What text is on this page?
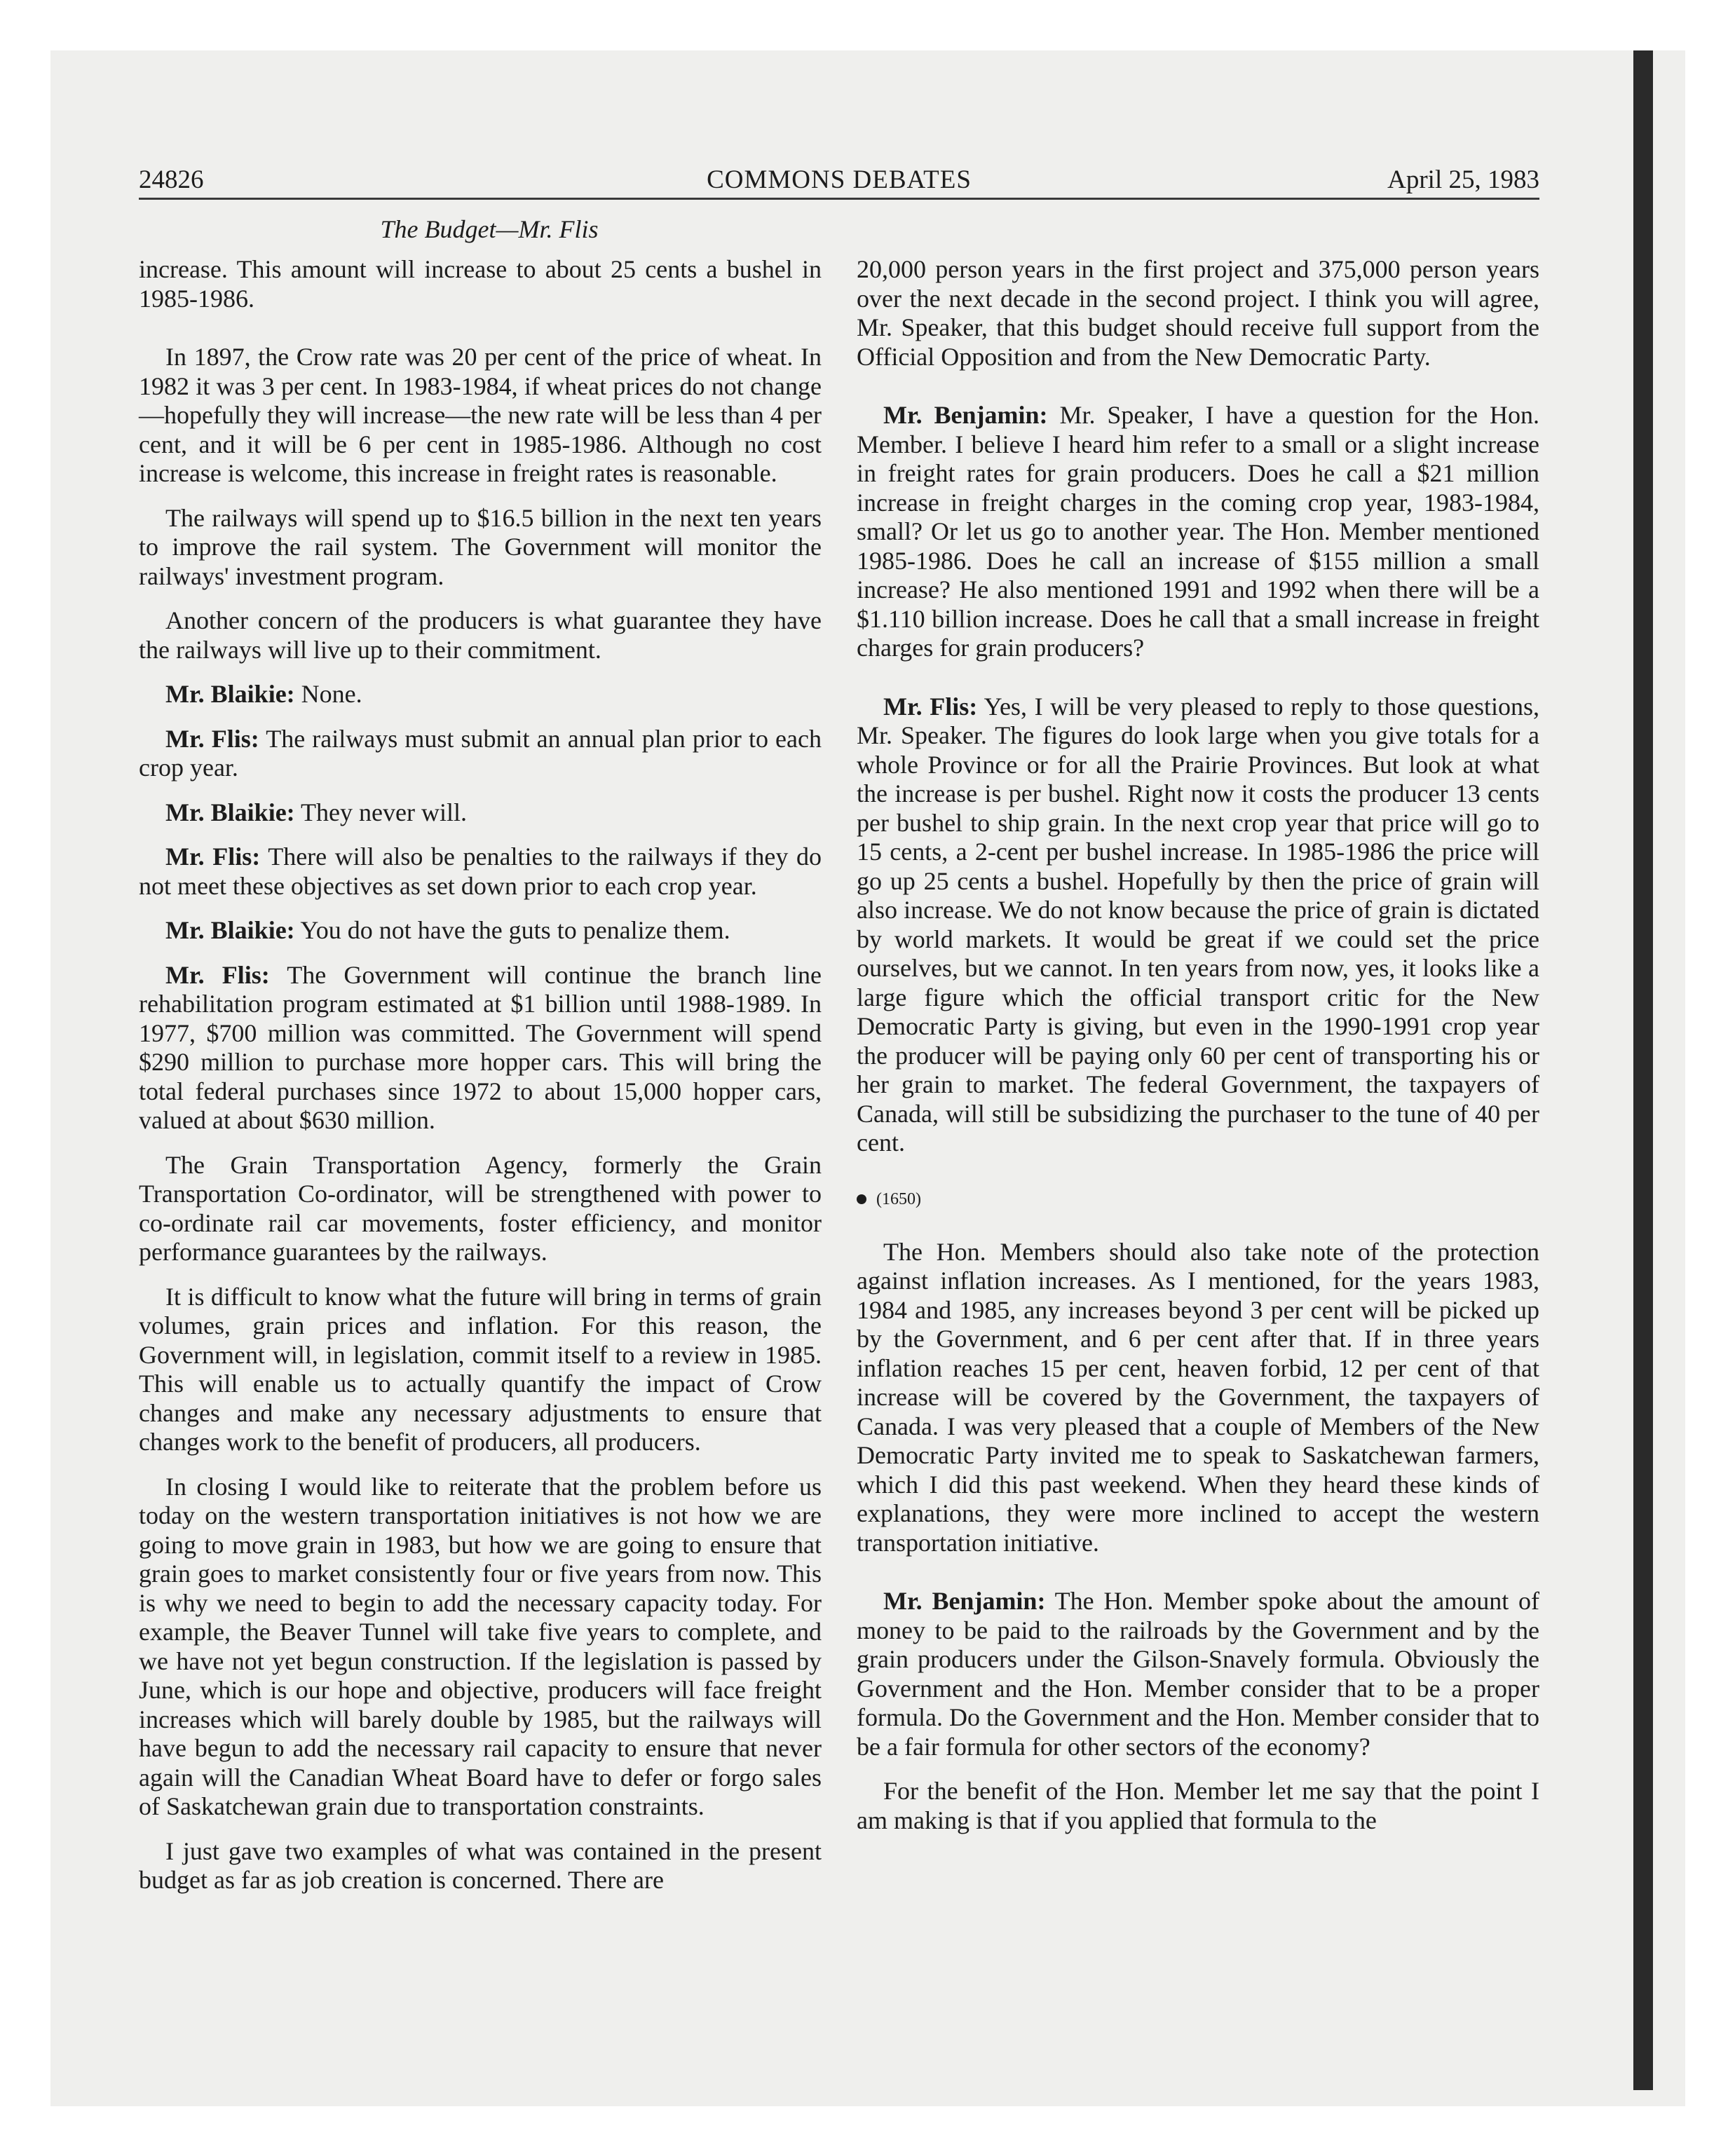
24826	COMMONS DEBATES	April 25, 1983
The Budget—Mr. Flis

increase. This amount will increase to about 25 cents a bushel in 1985-1986.

In 1897, the Crow rate was 20 per cent of the price of wheat. In 1982 it was 3 per cent. In 1983-1984, if wheat prices do not change—hopefully they will increase—the new rate will be less than 4 per cent, and it will be 6 per cent in 1985-1986. Although no cost increase is welcome, this increase in freight rates is reasonable.

The railways will spend up to $16.5 billion in the next ten years to improve the rail system. The Government will monitor the railways' investment program.

Another concern of the producers is what guarantee they have the railways will live up to their commitment.

Mr. Blaikie: None.

Mr. Flis: The railways must submit an annual plan prior to each crop year.

Mr. Blaikie: They never will.

Mr. Flis: There will also be penalties to the railways if they do not meet these objectives as set down prior to each crop year.

Mr. Blaikie: You do not have the guts to penalize them.

Mr. Flis: The Government will continue the branch line rehabilitation program estimated at $1 billion until 1988-1989. In 1977, $700 million was committed. The Government will spend $290 million to purchase more hopper cars. This will bring the total federal purchases since 1972 to about 15,000 hopper cars, valued at about $630 million.

The Grain Transportation Agency, formerly the Grain Transportation Co-ordinator, will be strengthened with power to co-ordinate rail car movements, foster efficiency, and monitor performance guarantees by the railways.

It is difficult to know what the future will bring in terms of grain volumes, grain prices and inflation. For this reason, the Government will, in legislation, commit itself to a review in 1985. This will enable us to actually quantify the impact of Crow changes and make any necessary adjustments to ensure that changes work to the benefit of producers, all producers.

In closing I would like to reiterate that the problem before us today on the western transportation initiatives is not how we are going to move grain in 1983, but how we are going to ensure that grain goes to market consistently four or five years from now. This is why we need to begin to add the necessary capacity today. For example, the Beaver Tunnel will take five years to complete, and we have not yet begun construction. If the legislation is passed by June, which is our hope and objective, producers will face freight increases which will barely double by 1985, but the railways will have begun to add the necessary rail capacity to ensure that never again will the Canadian Wheat Board have to defer or forgo sales of Saskatchewan grain due to transportation constraints.

I just gave two examples of what was contained in the present budget as far as job creation is concerned. There are

20,000 person years in the first project and 375,000 person years over the next decade in the second project. I think you will agree, Mr. Speaker, that this budget should receive full support from the Official Opposition and from the New Democratic Party.

Mr. Benjamin: Mr. Speaker, I have a question for the Hon. Member. I believe I heard him refer to a small or a slight increase in freight rates for grain producers. Does he call a $21 million increase in freight charges in the coming crop year, 1983-1984, small? Or let us go to another year. The Hon. Member mentioned 1985-1986. Does he call an increase of $155 million a small increase? He also mentioned 1991 and 1992 when there will be a $1.110 billion increase. Does he call that a small increase in freight charges for grain producers?

Mr. Flis: Yes, I will be very pleased to reply to those questions, Mr. Speaker. The figures do look large when you give totals for a whole Province or for all the Prairie Provinces. But look at what the increase is per bushel. Right now it costs the producer 13 cents per bushel to ship grain. In the next crop year that price will go to 15 cents, a 2-cent per bushel increase. In 1985-1986 the price will go up 25 cents a bushel. Hopefully by then the price of grain will also increase. We do not know because the price of grain is dictated by world markets. It would be great if we could set the price ourselves, but we cannot. In ten years from now, yes, it looks like a large figure which the official transport critic for the New Democratic Party is giving, but even in the 1990-1991 crop year the producer will be paying only 60 per cent of transporting his or her grain to market. The federal Government, the taxpayers of Canada, will still be subsidizing the purchaser to the tune of 40 per cent.

(1650)

The Hon. Members should also take note of the protection against inflation increases. As I mentioned, for the years 1983, 1984 and 1985, any increases beyond 3 per cent will be picked up by the Government, and 6 per cent after that. If in three years inflation reaches 15 per cent, heaven forbid, 12 per cent of that increase will be covered by the Government, the taxpayers of Canada. I was very pleased that a couple of Members of the New Democratic Party invited me to speak to Saskatchewan farmers, which I did this past weekend. When they heard these kinds of explanations, they were more inclined to accept the western transportation initiative.

Mr. Benjamin: The Hon. Member spoke about the amount of money to be paid to the railroads by the Government and by the grain producers under the Gilson-Snavely formula. Obviously the Government and the Hon. Member consider that to be a proper formula. Do the Government and the Hon. Member consider that to be a fair formula for other sectors of the economy?

For the benefit of the Hon. Member let me say that the point I am making is that if you applied that formula to the
